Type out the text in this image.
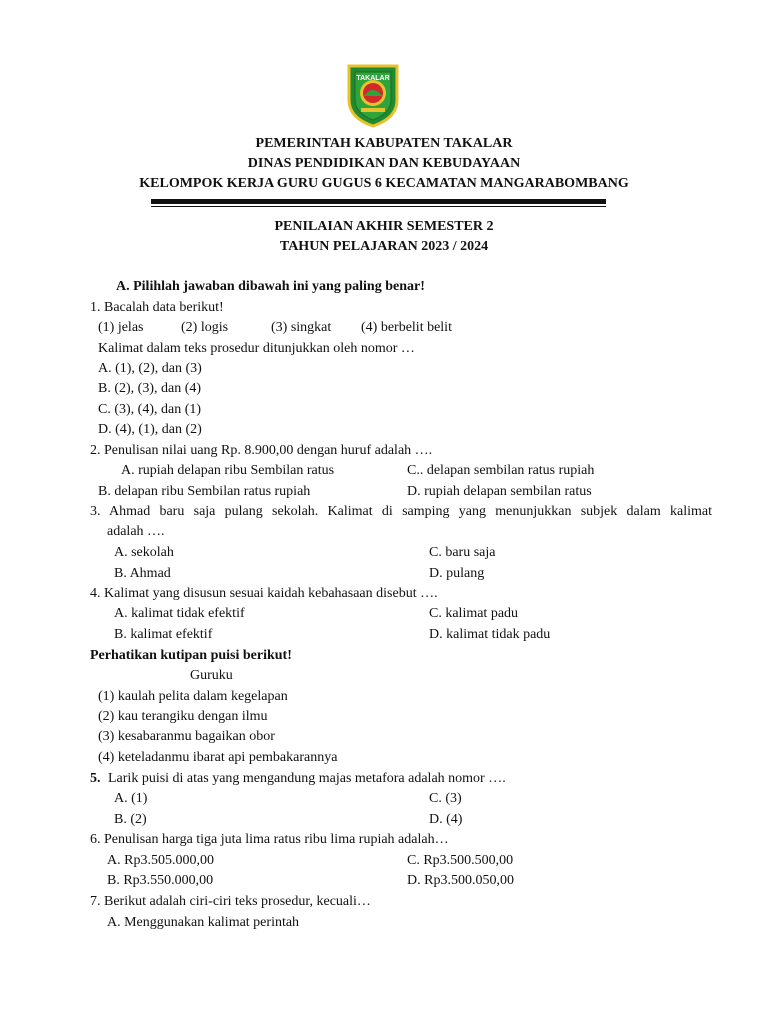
TAKALAR
PEMERINTAH KABUPATEN TAKALAR
DINAS PENDIDIKAN DAN KEBUDAYAAN
KELOMPOK KERJA GURU GUGUS 6 KECAMATAN MANGARABOMBANG
PENILAIAN AKHIR SEMESTER 2
TAHUN PELAJARAN 2023 / 2024
A. Pilihlah jawaban dibawah ini yang paling benar!
1. Bacalah data berikut!
(1) jelas	(2) logis	(3) singkat (4) berbelit belit
Kalimat dalam teks prosedur ditunjukkan oleh nomor …
A. (1), (2), dan (3)
B. (2), (3), dan (4)
C. (3), (4), dan (1)
D. (4), (1), dan (2)
2. Penulisan nilai uang Rp. 8.900,00 dengan huruf adalah ….
A. rupiah delapan ribu Sembilan ratus	C.. delapan sembilan ratus rupiah
B. delapan ribu Sembilan ratus rupiah	D. rupiah delapan sembilan ratus
3. Ahmad baru saja pulang sekolah. Kalimat di samping yang menunjukkan subjek dalam kalimat
adalah ….
A. sekolah	C. baru saja
B. Ahmad	D. pulang
4. Kalimat yang disusun sesuai kaidah kebahasaan disebut ….
A. kalimat tidak efektif	C. kalimat padu
B. kalimat efektif	D. kalimat tidak padu
Perhatikan kutipan puisi berikut!
Guruku
(1) kaulah pelita dalam kegelapan
(2) kau terangiku dengan ilmu
(3) kesabaranmu bagaikan obor
(4) keteladanmu ibarat api pembakarannya
5. Larik puisi di atas yang mengandung majas metafora adalah nomor ….
A. (1)	C. (3)
B. (2)	D. (4)
6. Penulisan harga tiga juta lima ratus ribu lima rupiah adalah…
A. Rp3.505.000,00	C. Rp3.500.500,00
B. Rp3.550.000,00	D. Rp3.500.050,00
7. Berikut adalah ciri-ciri teks prosedur, kecuali…
A. Menggunakan kalimat perintah
